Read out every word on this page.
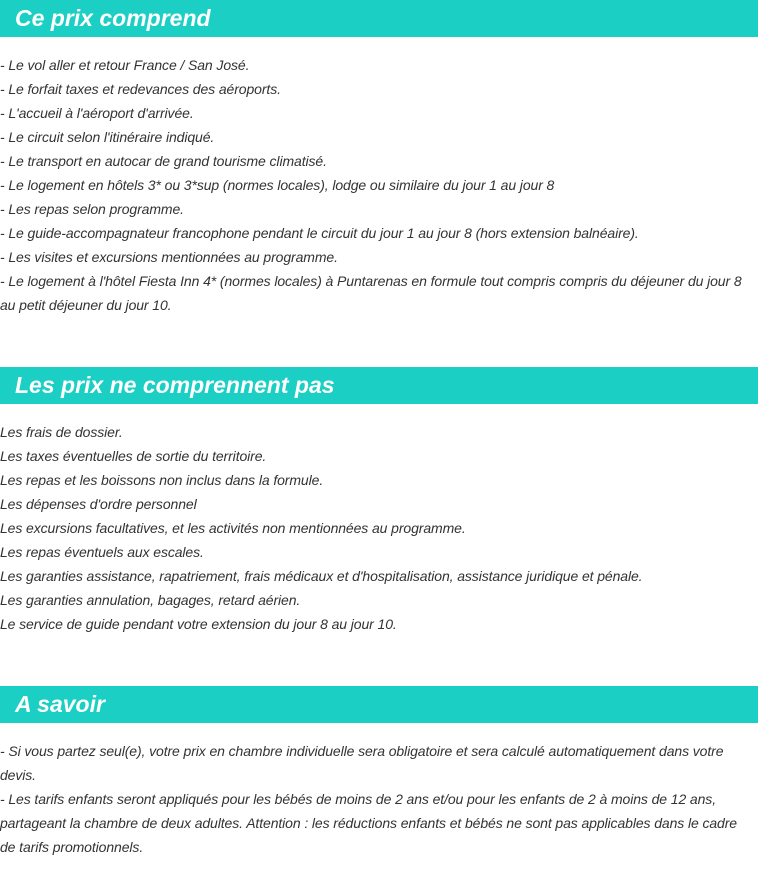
Ce prix comprend

- Le vol aller et retour France / San José.

- Le forfait taxes et redevances des aéroports.

- L'accueil à l'aéroport d'arrivée.

- Le circuit selon l'itinéraire indiqué.

- Le transport en autocar de grand tourisme climatisé.

- Le logement en hôtels 3* ou 3*sup (normes locales), lodge ou similaire du jour 1 au jour 8

- Les repas selon programme.

- Le guide-accompagnateur francophone pendant le circuit du jour 1 au jour 8 (hors extension balnéaire).

- Les visites et excursions mentionnées au programme.

- Le logement à l'hôtel Fiesta Inn 4* (normes locales) à Puntarenas en formule tout compris compris du déjeuner du jour 8 au petit déjeuner du jour 10.

Les prix ne comprennent pas

Les frais de dossier.

Les taxes éventuelles de sortie du territoire.

Les repas et les boissons non inclus dans la formule.

Les dépenses d'ordre personnel

Les excursions facultatives, et les activités non mentionnées au programme.

Les repas éventuels aux escales.

Les garanties assistance, rapatriement, frais médicaux et d'hospitalisation, assistance juridique et pénale.

Les garanties annulation, bagages, retard aérien.

Le service de guide pendant votre extension du jour 8 au jour 10.

A savoir

- Si vous partez seul(e), votre prix en chambre individuelle sera obligatoire et sera calculé automatiquement dans votre devis.

- Les tarifs enfants seront appliqués pour les bébés de moins de 2 ans et/ou pour les enfants de 2 à moins de 12 ans, partageant la chambre de deux adultes. Attention : les réductions enfants et bébés ne sont pas applicables dans le cadre de tarifs promotionnels.
